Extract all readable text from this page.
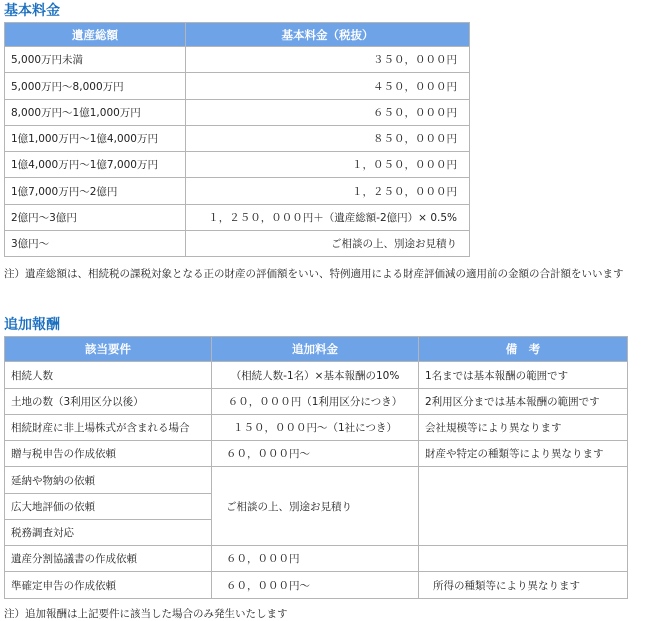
基本料金
遺産総額	基本料金（税抜）
5,000万円未満	３５０，０００円
5,000万円〜8,000万円	４５０，０００円
8,000万円〜1億1,000万円	６５０，０００円
1億1,000万円〜1億4,000万円	８５０，０００円
1億4,000万円〜1億7,000万円	１，０５０，０００円
1億7,000万円〜2億円	１，２５０，０００円
2億円〜3億円	１，２５０，０００円＋（遺産総額-2億円）× 0.5%
3億円〜	ご相談の上、別途お見積り

注）遺産総額は、相続税の課税対象となる正の財産の評価額をいい、特例適用による財産評価減の適用前の金額の合計額をいいます

追加報酬
該当要件	追加料金	備　考
相続人数	（相続人数-1名）×基本報酬の10%	1名までは基本報酬の範囲です
土地の数（3利用区分以後）	６０，０００円（1利用区分につき）	2利用区分までは基本報酬の範囲です
相続財産に非上場株式が含まれる場合	１５０，０００円〜（1社につき）	会社規模等により異なります
贈与税申告の作成依頼	６０，０００円〜	財産や特定の種類等により異なります
延納や物納の依頼	ご相談の上、別途お見積り	
広大地評価の依頼		
税務調査対応		
遺産分割協議書の作成依頼	６０，０００円	
準確定申告の作成依頼	６０，０００円〜	所得の種類等により異なります

注）追加報酬は上記要件に該当した場合のみ発生いたします
